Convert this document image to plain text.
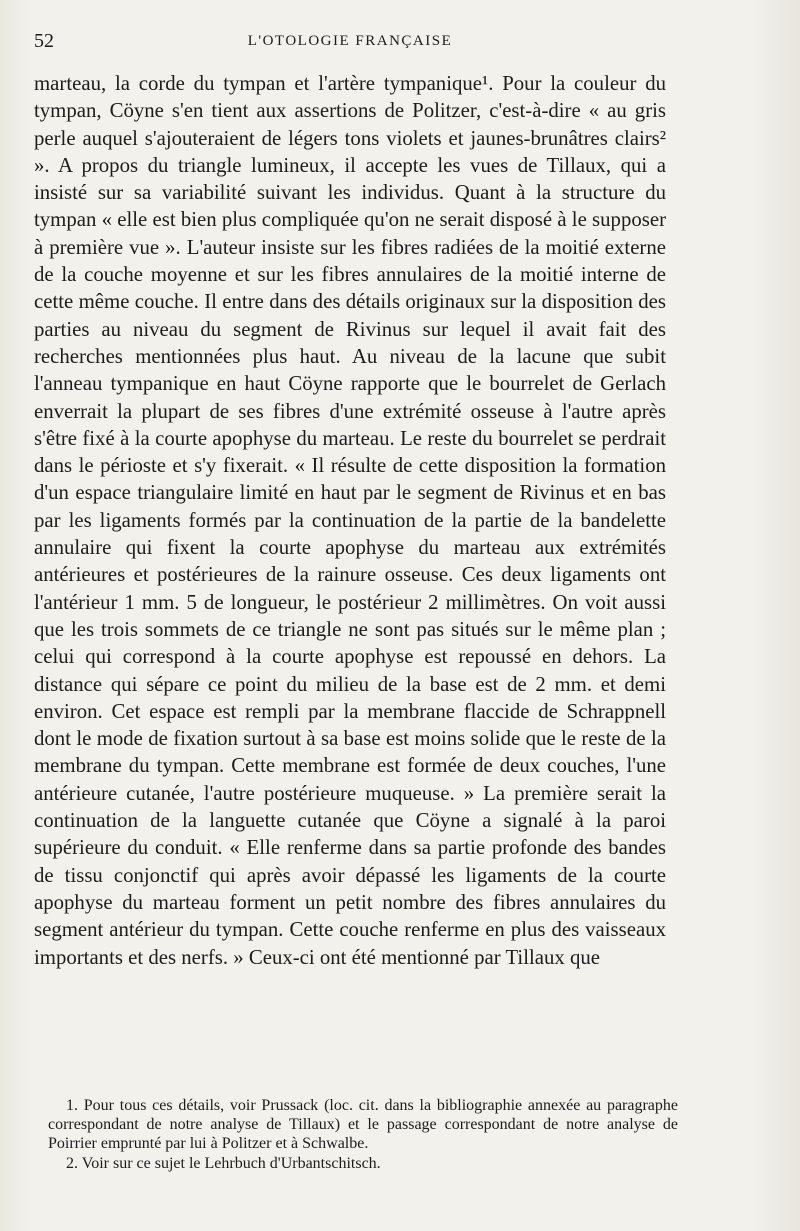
52	L'OTOLOGIE FRANÇAISE

marteau, la corde du tympan et l'artère tympanique¹. Pour la couleur du tympan, Cöyne s'en tient aux assertions de Politzer, c'est-à-dire « au gris perle auquel s'ajouteraient de légers tons violets et jaunes-brunâtres clairs² ». A propos du triangle lumineux, il accepte les vues de Tillaux, qui a insisté sur sa variabilité suivant les individus. Quant à la structure du tympan « elle est bien plus compliquée qu'on ne serait disposé à le supposer à première vue ». L'auteur insiste sur les fibres radiées de la moitié externe de la couche moyenne et sur les fibres annulaires de la moitié interne de cette même couche. Il entre dans des détails originaux sur la disposition des parties au niveau du segment de Rivinus sur lequel il avait fait des recherches mentionnées plus haut. Au niveau de la lacune que subit l'anneau tympanique en haut Cöyne rapporte que le bourrelet de Gerlach enverrait la plupart de ses fibres d'une extrémité osseuse à l'autre après s'être fixé à la courte apophyse du marteau. Le reste du bourrelet se perdrait dans le périoste et s'y fixerait. « Il résulte de cette disposition la formation d'un espace triangulaire limité en haut par le segment de Rivinus et en bas par les ligaments formés par la continuation de la partie de la bandelette annulaire qui fixent la courte apophyse du marteau aux extrémités antérieures et postérieures de la rainure osseuse. Ces deux ligaments ont l'antérieur 1 mm. 5 de longueur, le postérieur 2 millimètres. On voit aussi que les trois sommets de ce triangle ne sont pas situés sur le même plan ; celui qui correspond à la courte apophyse est repoussé en dehors. La distance qui sépare ce point du milieu de la base est de 2 mm. et demi environ. Cet espace est rempli par la membrane flaccide de Schrappnell dont le mode de fixation surtout à sa base est moins solide que le reste de la membrane du tympan. Cette membrane est formée de deux couches, l'une antérieure cutanée, l'autre postérieure muqueuse. » La première serait la continuation de la languette cutanée que Cöyne a signalé à la paroi supérieure du conduit. « Elle renferme dans sa partie profonde des bandes de tissu conjonctif qui après avoir dépassé les ligaments de la courte apophyse du marteau forment un petit nombre des fibres annulaires du segment antérieur du tympan. Cette couche renferme en plus des vaisseaux importants et des nerfs. » Ceux-ci ont été mentionné par Tillaux que

1. Pour tous ces détails, voir Prussack (loc. cit. dans la bibliographie annexée au paragraphe correspondant de notre analyse de Tillaux) et le passage correspondant de notre analyse de Poirrier emprunté par lui à Politzer et à Schwalbe.

2. Voir sur ce sujet le Lehrbuch d'Urbantschitsch.
